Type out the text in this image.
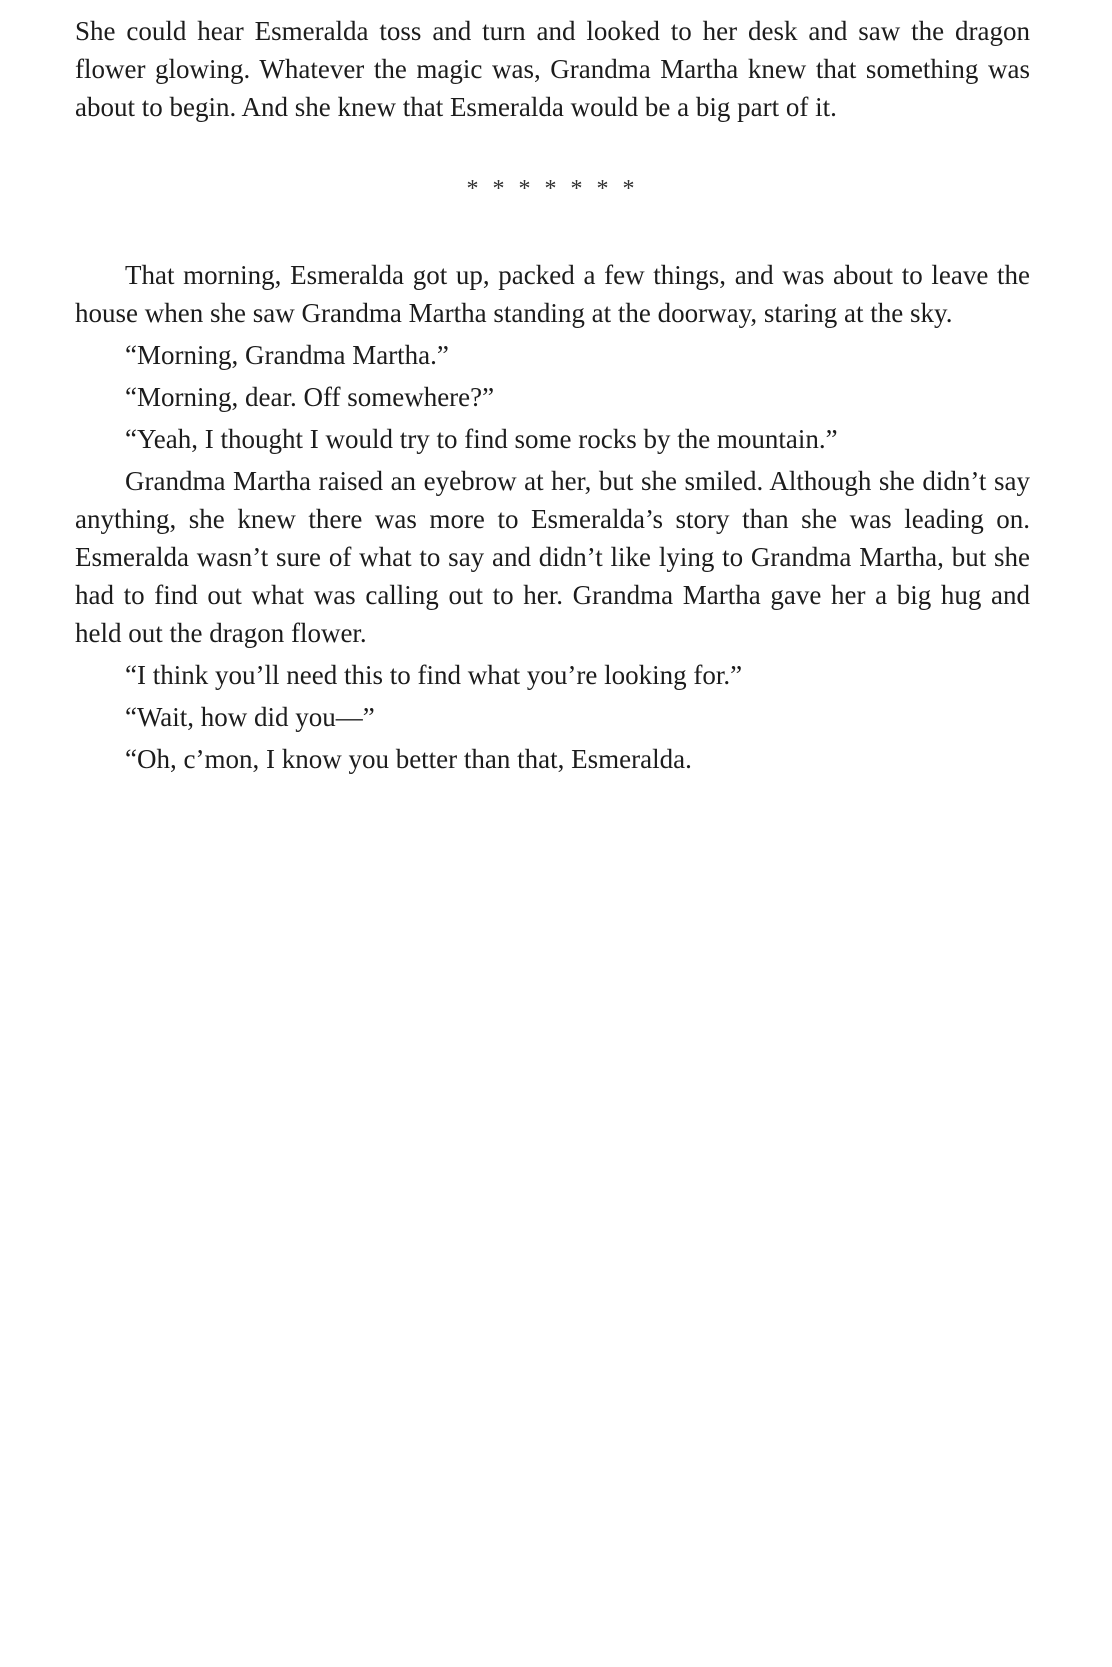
She could hear Esmeralda toss and turn and looked to her desk and saw the dragon flower glowing. Whatever the magic was, Grandma Martha knew that something was about to begin. And she knew that Esmeralda would be a big part of it.

* * * * * * *

That morning, Esmeralda got up, packed a few things, and was about to leave the house when she saw Grandma Martha standing at the doorway, staring at the sky.

“Morning, Grandma Martha.”

“Morning, dear. Off somewhere?”

“Yeah, I thought I would try to find some rocks by the mountain.”

Grandma Martha raised an eyebrow at her, but she smiled. Although she didn’t say anything, she knew there was more to Esmeralda’s story than she was leading on. Esmeralda wasn’t sure of what to say and didn’t like lying to Grandma Martha, but she had to find out what was calling out to her. Grandma Martha gave her a big hug and held out the dragon flower.

“I think you’ll need this to find what you’re looking for.”

“Wait, how did you—”

“Oh, c’mon, I know you better than that, Esmeralda.
